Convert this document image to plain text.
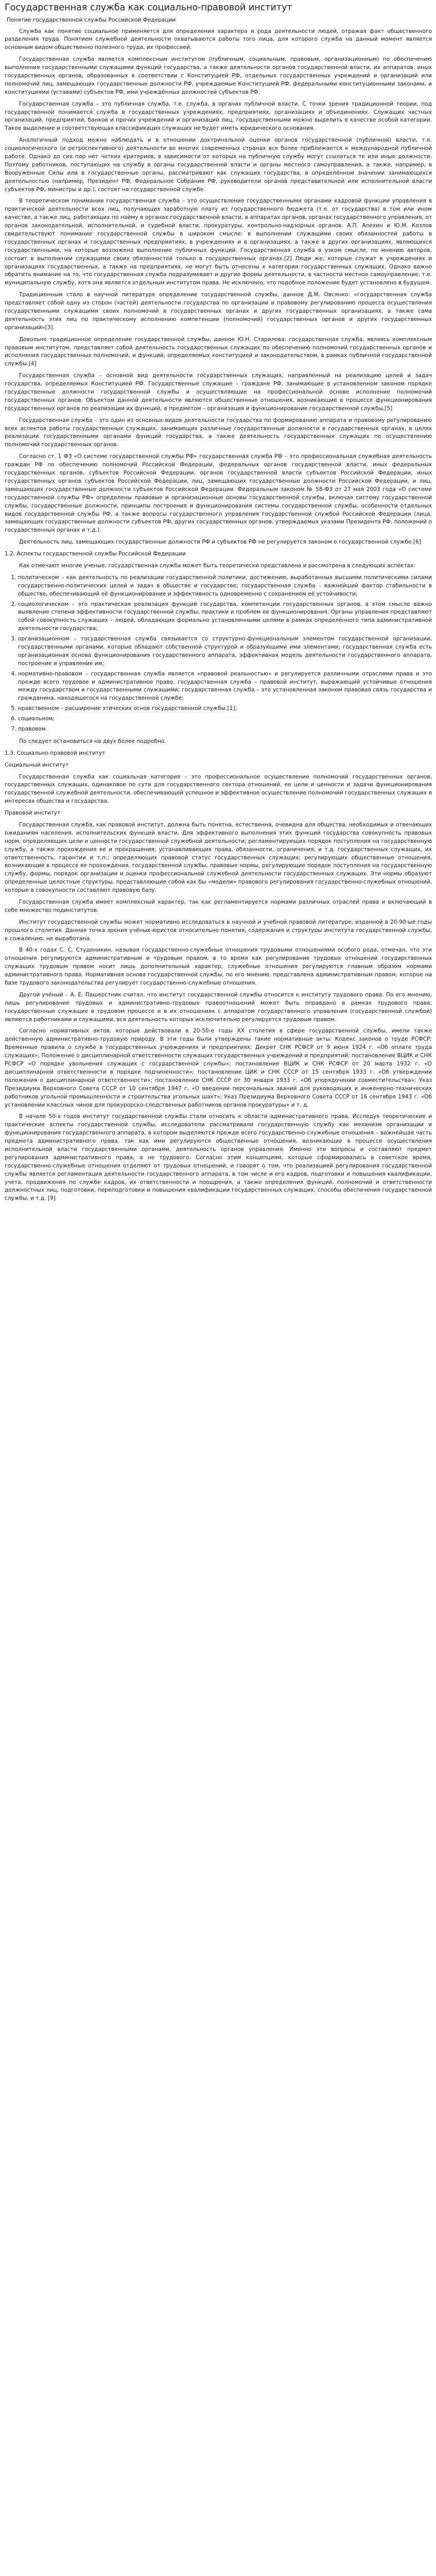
Государственная служба как социально-правовой институт
Понятие государственной службы Российской Федерации

Служба как понятие социальное применяется для определения характера и рода деятельности людей, отражая факт общественного разделения труда. Понятием служебной деятельности охватываются работы того лица, для которого служба на данный момент является основным видом общественно полезного труда, их профессией.

Государственная служба является комплексным институтом (публичным, социальным, правовым, организационным) по обеспечению выполнения государственными служащими функций государства, а также деятельности органов государственной власти, их аппаратов, иных государственных органов, образованных в соответствии с Конституцией РФ, отдельных государственных учреждений и организаций или полномочий лиц, замещающих государственные должности РФ, учреждаемые Конституцией РФ, федеральными конституционными законами, и конституциями (уставами) субъектов РФ, ими учреждённых должностей субъектов РФ.

Государственная служба – это публичная служба, т.е. служба, в органах публичной власти. С точки зрения традиционной теории, под государственной понимается служба в государственных учреждениях, предприятиях, организациях и объединениях. Служащих частных организаций, предприятий, банков и прочих учреждений и организаций лиц, государственными можно выделить в качестве особой категории. Такое выделение и соответствующая классификация служащих не будет иметь юридического основания.

Аналогичный подход можно наблюдать и в отношении доктринальной оценки органов государственной (публичной) власти, т.е. социологического (и ретроспективного) деятельности во многих современных странах все более приближается к международной публичной работе. Однако до сих пор нет четких критериев, в зависимости от которых на публичную службу могут ссылаться те или иные должности. Поэтому работников, поступающих на службу в органы государственной власти и органы местного самоуправления, а также, например, в Вооружённые Силы или в государственные органы, рассматривают как служащих государства, в определённом значении занимающихся деятельностью (например, Президент РФ, Федеральное Собрание РФ, руководители органов представительной или исполнительной власти субъектов РФ, министры и др.), состоят на государственной службе.

В теоретическом понимании государственная служба – это осуществление государственными органами кадровой функции управления в практической деятельности всех лиц, получающих заработную плату из государственного бюджета (т.е. от государства) в том или ином качестве, а также лиц, работающих по найму в органах государственной власти, в аппаратах органов, органах государственного управления, от органов законодательной, исполнительной, и судебной власти, прокуратуры, контрольно-надзорных органов. А.П. Алехин и Ю.М. Козлов свидетельствуют понимание государственной службы в широком смысле: в выполнении служащими своих обязанностей работы в государственных органах и государственных предприятиях, в учреждениях и в организациях, а также в других организациях, являющихся государственными, на которые возложено выполнение публичных функций. Государственная служба в узком смысле, по мнению авторов, состоит в выполнении служащими своих обязанностей только в государственных органах.[2] Люди же, которые служат в учреждениях и организациях государственных, а также на предприятиях, не могут быть отнесены к категории государственных служащих. Однако важно обратить внимание на то, что государственная служба подразумевает и другие формы деятельности, в частности местное самоуправление, т.е. муниципальную службу, хотя она является отдельным институтом права. Не исключено, что подобное положение будет установлено в будущем.

Традиционным стало в научной литературе определение государственной службы, данное Д.М. Овсянко: «государственная служба представляет собой одну из сторон (частей) деятельности государства по организации и правовому регулированию процесса осуществления государственными служащими своих полномочий в государственных органах и других государственных организациях, а также сама деятельность этих лиц по практическому исполнению компетенции (полномочий) государственных органов и других государственных организаций»[3].

Довольно традиционное определение государственной службы, данное Ю.Н. Старилова: государственная служба, являясь комплексным правовым институтом, представляет собой деятельность государственных служащих по обеспечению полномочий государственных органов и исполнения государственных полномочий, и функций, определяемых конституцией и законодательством, в рамках публичной государственной службы.[4]

Государственная служба – основной вид деятельности государственных служащих, направленный на реализацию целей и задач государства, определяемых Конституцией РФ. Государственные служащие – граждане РФ, занимающие в установленном законом порядке государственные должности государственной службы и осуществляющие на профессиональной основе исполнение полномочий государственных органов. Объектом данной деятельности являются общественные отношения, возникающие в процессе функционирования государственных органов по реализации их функций, а предметом – организация и функционирование государственной службы.[5]

Государственная служба – это один из основных видов деятельности государства по формированию аппарата и правовому регулированию всех аспектов работы государственных служащих, занимающих различные государственные должности в государственных органах, в целях реализации государственными органами функций государства, а также деятельность государственных служащих по осуществлению полномочий государственных органов.

Согласно ст. 1 ФЗ «О системе государственной службы РФ» государственная служба РФ – это профессиональная служебная деятельность граждан РФ по обеспечению полномочий Российской Федерации, федеральных органов государственной власти, иных федеральных государственных органов, субъектов Российской Федерации, органов государственной власти субъектов Российской Федерации, иных государственных органов субъектов Российской Федерации, лиц, замещающих государственные должности Российской Федерации, и лиц, замещающих государственные должности субъектов Российской Федерации. Федеральным законом № 58-ФЗ от 27 мая 2003 года «О системе государственной службы РФ» определены правовые и организационные основы государственной службы, включая систему государственной службы, государственные должности, принципы построения и функционирования системы государственной службы, особенности отдельных видов государственной службы РФ, а также вопросы государственного управления государственной службой Российской Федерации (лица, замещающих государственные должности субъектов РФ, других государственных органов, утверждаемых указами Президента РФ, положений о государственных органах и т.д.).

Деятельность лиц, замещающих государственные должности РФ и субъектов РФ не регулируется законом о государственной службе.[6]

1.2. Аспекты государственной службы Российской Федерации

Как отмечают многие ученые, государственная служба может быть теоретически представлена и рассмотрена в следующих аспектах:

1. политическом – как деятельность по реализации государственной политики, достижению, выработанных высшими политическими силами государственно-политических целей и задач в обществе и государстве; государственная служба – важнейший фактор стабильности в обществе, обеспечивающий её функционирование и эффективность одновременно с сохранением её устойчивости;
2. социологическом – это практическая реализация функций государства, компетенции государственных органов, в этом смысле важно выявление степени эффективности государственной службы, практики и проблем ее функционирования. Органы управления представляют собой совокупность служащих – людей, обладающих формально установленными целями в рамках определённого типа административной деятельности государства;
3. организационном – государственная служба связывается со структурно-функциональным элементом государственной организации, государственными органами, которые обладают собственной структурой и образующими ими элементами; государственная служба есть организационная основа функционирования государственного аппарата, эффективная модель деятельности государственного аппарата, построение и управление им;
4. нормативно-правовом – государственная служба является «правовой реальностью» и регулируется различными отраслями права и это прежде всего трудовое и административное право, государственная служба – правовой институт, выражающий устойчивые отношения между государством и государственными служащими; государственная служба – это установленная законом правовая связь государства и гражданина, находящегося на государственной службе;
5. нравственном – расширение этических основ государственной службы.[1];
6. социальном;
7. правовом.

По следует остановиться на двух более подробно.

1.3. Социально-правовой институт

Социальный институт

Государственная служба как социальная категория – это профессиональное осуществление полномочий государственных органов, государственных служащих, одинаковое по сути для государственного сектора отношений, ее цели и ценности и задачи функционирования государственной служебной деятельности, обеспечивающей успешное и эффективное осуществление полномочий государственных служащих в интересах общества и государства.

Правовой институт

Государственная служба, как правовой институт, должна быть понятна, естественна, очевидна для общества, необходимых и отвечающих ожиданиям населения, исполнительских функций власти. Для эффективного выполнения этих функций государства совокупность правовых норм, определяющих цели и ценности государственной служебной деятельности; регламентирующих порядок поступления на государственную службу, а также прохождения ее и прекращения; устанавливающих права, обязанности, ограничения, и т.д. государственных служащих, их ответственность, гарантии и т.п.; определяющих правовой статус государственных служащих; регулирующих общественные отношения, возникающие в процессе ее прохождения, государственной службы, правовые нормы, регулирующие порядок поступления на государственную службу, формы, порядок организации и оценки профессиональной служебной деятельности государственных служащих. Эти нормы образуют определенные целостные структуры, представляющие собой как бы «модели» правового регулирования государственно-служебных отношений, которые в совокупности составляют правовую базу.

Государственная служба имеет комплексный характер, так как регламентируется нормами различных отраслей права и включающий в себе множество подинститутов.

Институт государственной службы может нормативно исследоваться в научной и учебной правовой литературе, изданной в 20-90-ые годы прошлого столетия. Данная точка зрения учёных-юристов относительно понятия, содержания и структуры института государственной службы, к сожалению, не выработана.

В 40-х годах С. С. Студеникин, называя государственно-служебные отношения трудовыми отношениями особого рода, отмечал, что эти отношения регулируются административным и трудовым правом, в то время как регулирование трудовых отношений государственных служащих трудовым правом носит лишь дополнительный характер, служебные отношения регулируются главным образом нормами административного права. Нормативная основа государственной службы, по его мнению, представлена административным правом, которое на базе трудового законодательства регулирует государственно-служебные отношения.

Другой учёный – А. Е. Пашерстник считал, что институт государственной службы относится к институту трудового права. По его мнению, лишь регулирование трудовых и административно-трудовых правоотношений может быть оправдано в рамках трудового права; государственные служащие в трудовом процессе и в их отношениях с аппаратом государственного управления (государственной службой) являются работниками и служащими, вся деятельность которых исключительно регулируется трудовым правом.

Согласно нормативных актов, которые действовали в 20-50-е годы XX столетия в сфере государственной службы, имели также действенную административно-трудовую природу. В эти годы были утверждены такие нормативные акты: Кодекс законов о труде РСФСР; Временные правила о службе в государственных учреждениях и предприятиях; Декрет СНК РСФСР от 9 июня 1924 г. «Об оплате труда служащих»; Положение о дисциплинарной ответственности служащих государственных учреждений и предприятий; постановление ВЦИК и СНК РСФСР «О порядке увольнения служащих с государственной службы»; постановление ВЦИК и СНК РСФСР от 20 марта 1932 г. «О дисциплинарной ответственности в порядке подчиненности»; постановление ЦИК и СНК СССР от 15 сентября 1933 г. «Об утверждении положения о дисциплинарной ответственности»; постановление СНК СССР от 30 января 1933 г. «Об упорядочении совместительства»; Указ Президиума Верховного Совета СССР от 10 сентября 1947 г. «О введении персональных званий для руководящих и инженерно-технических работников угольной промышленности и строительства угольных шахт»; Указ Президиума Верховного Совета СССР от 16 сентября 1943 г. «Об установлении классных чинов для прокурорско-следственных работников органов прокуратуры» и т. д.

В начале 50-х годов институт государственной службы стали относить к области административного права. Исследуя теоретические и практические аспекты государственной службы, исследователи рассматривали государственную службу как механизм организации и функционирования государственного аппарата, в котором выделяются прежде всего государственно-служебные отношения – важнейшая часть предмета административного права, так как ими регулируются общественные отношения, возникающие в процессе осуществления исполнительной власти государственными органами, деятельность органов управления. Именно эти вопросы и составляют предмет регулирования административного права, а не трудового. Согласно этим концепциям, которые сформировались в советское время, государственно-служебные отношения отделяют от трудовых отношений, и говорят о том, что реализацией регулирования государственной службы является регламентация деятельности государственного аппарата, в том числе и его кадров, подготовки и повышения квалификации, учета, продвижения по службе кадров, их ответственности и поощрения, а также определения функций, полномочий и ответственности должностных лиц, подготовки, переподготовки и повышения квалификации государственных служащих, способы обеспечения государственной службы, и т.д. [9]
